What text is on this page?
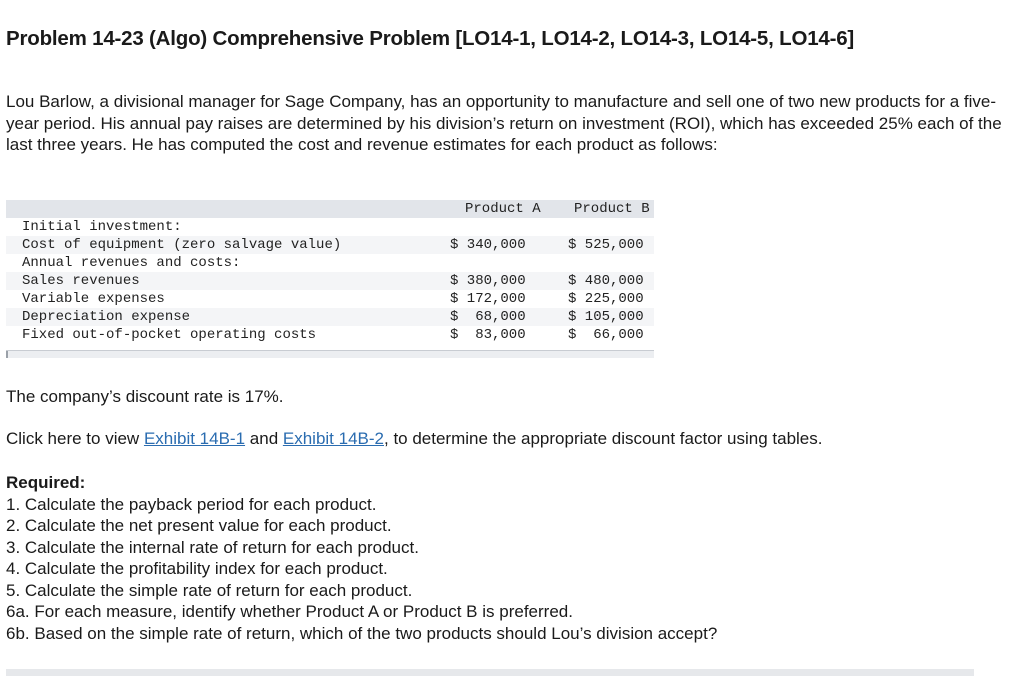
Problem 14-23 (Algo) Comprehensive Problem [LO14-1, LO14-2, LO14-3, LO14-5, LO14-6]

Lou Barlow, a divisional manager for Sage Company, has an opportunity to manufacture and sell one of two new products for a five-year period. His annual pay raises are determined by his division’s return on investment (ROI), which has exceeded 25% each of the last three years. He has computed the cost and revenue estimates for each product as follows:

	Product A	Product B
Initial investment:		
Cost of equipment (zero salvage value)	$ 340,000	$ 525,000
Annual revenues and costs:		
Sales revenues	$ 380,000	$ 480,000
Variable expenses	$ 172,000	$ 225,000
Depreciation expense	$  68,000	$ 105,000
Fixed out-of-pocket operating costs	$  83,000	$  66,000

The company’s discount rate is 17%.

Click here to view Exhibit 14B-1 and Exhibit 14B-2, to determine the appropriate discount factor using tables.

Required:
1. Calculate the payback period for each product.
2. Calculate the net present value for each product.
3. Calculate the internal rate of return for each product.
4. Calculate the profitability index for each product.
5. Calculate the simple rate of return for each product.
6a. For each measure, identify whether Product A or Product B is preferred.
6b. Based on the simple rate of return, which of the two products should Lou’s division accept?
